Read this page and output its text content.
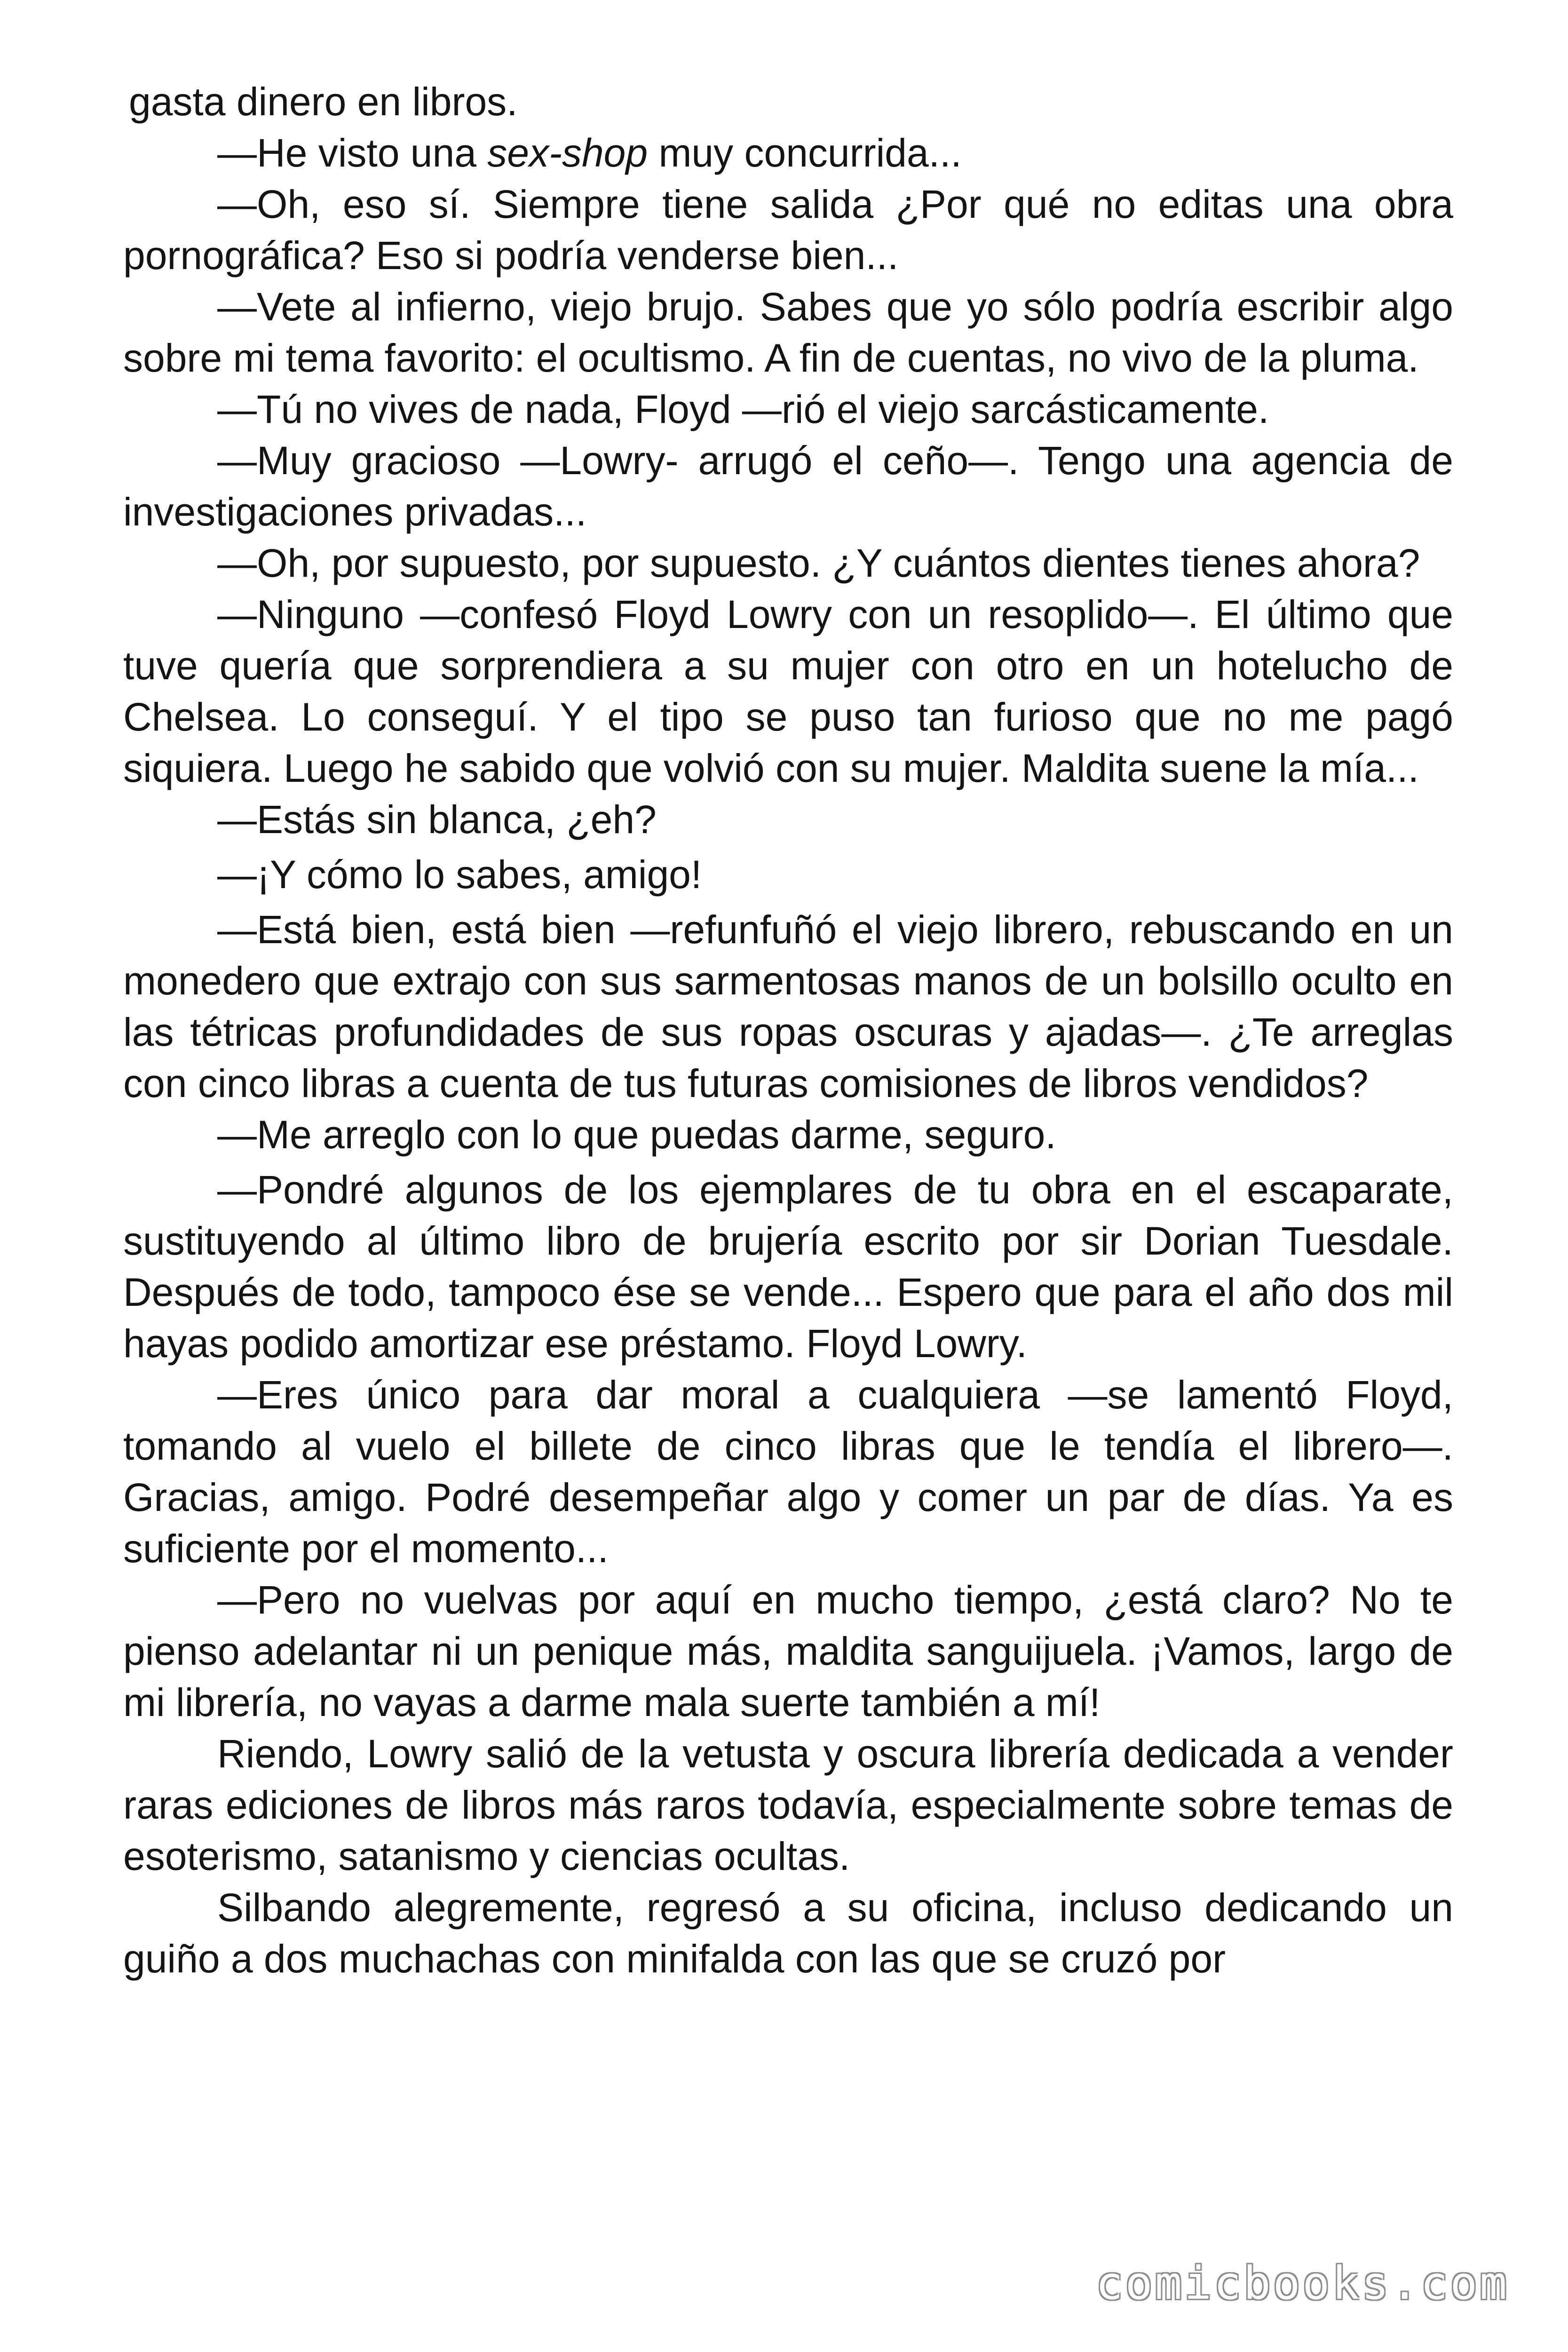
gasta dinero en libros.

—He visto una sex-shop muy concurrida...

—Oh, eso sí. Siempre tiene salida ¿Por qué no editas una obra pornográfica? Eso si podría venderse bien...

—Vete al infierno, viejo brujo. Sabes que yo sólo podría escribir algo sobre mi tema favorito: el ocultismo. A fin de cuentas, no vivo de la pluma.

—Tú no vives de nada, Floyd —rió el viejo sarcásticamente.

—Muy gracioso —Lowry- arrugó el ceño—. Tengo una agencia de investigaciones privadas...

—Oh, por supuesto, por supuesto. ¿Y cuántos dientes tienes ahora?

—Ninguno —confesó Floyd Lowry con un resoplido—. El último que tuve quería que sorprendiera a su mujer con otro en un hotelucho de Chelsea. Lo conseguí. Y el tipo se puso tan furioso que no me pagó siquiera. Luego he sabido que volvió con su mujer. Maldita suene la mía...

—Estás sin blanca, ¿eh?

—¡Y cómo lo sabes, amigo!

—Está bien, está bien —refunfuñó el viejo librero, rebuscando en un monedero que extrajo con sus sarmentosas manos de un bolsillo oculto en las tétricas profundidades de sus ropas oscuras y ajadas—. ¿Te arreglas con cinco libras a cuenta de tus futuras comisiones de libros vendidos?

—Me arreglo con lo que puedas darme, seguro.

—Pondré algunos de los ejemplares de tu obra en el escaparate, sustituyendo al último libro de brujería escrito por sir Dorian Tuesdale. Después de todo, tampoco ése se vende... Espero que para el año dos mil hayas podido amortizar ese préstamo. Floyd Lowry.

—Eres único para dar moral a cualquiera —se lamentó Floyd, tomando al vuelo el billete de cinco libras que le tendía el librero—. Gracias, amigo. Podré desempeñar algo y comer un par de días. Ya es suficiente por el momento...

—Pero no vuelvas por aquí en mucho tiempo, ¿está claro? No te pienso adelantar ni un penique más, maldita sanguijuela. ¡Vamos, largo de mi librería, no vayas a darme mala suerte también a mí!

Riendo, Lowry salió de la vetusta y oscura librería dedicada a vender raras ediciones de libros más raros todavía, especialmente sobre temas de esoterismo, satanismo y ciencias ocultas.

Silbando alegremente, regresó a su oficina, incluso dedicando un guiño a dos muchachas con minifalda con las que se cruzó por

comicbooks.com
